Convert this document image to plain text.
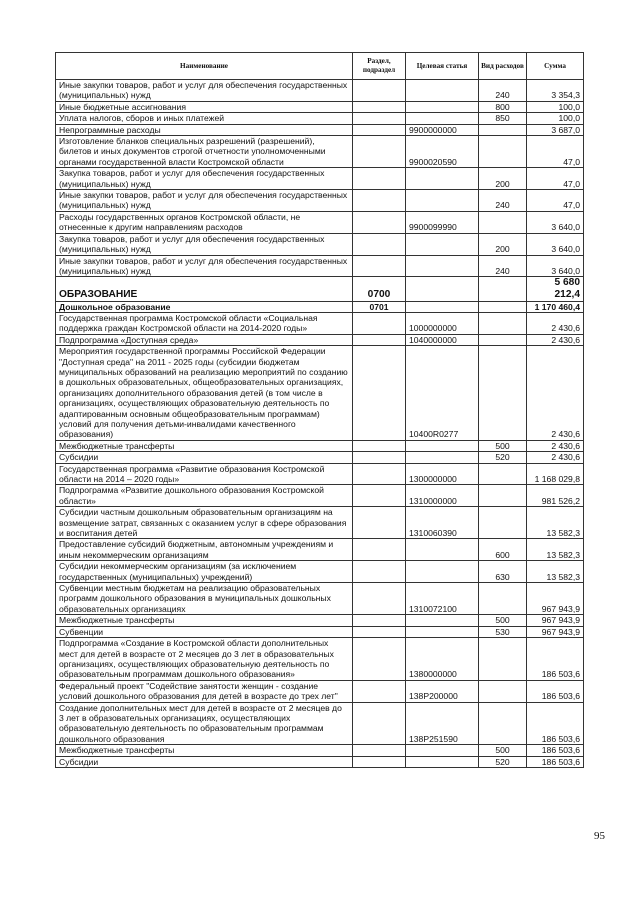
Наименование	Раздел, подраздел	Целевая статья	Вид расходов	Сумма
Иные закупки товаров, работ и услуг для обеспечения государственных (муниципальных) нужд			240	3 354,3
Иные бюджетные ассигнования			800	100,0
Уплата налогов, сборов и иных платежей			850	100,0
Непрограммные расходы		9900000000		3 687,0
Изготовление бланков специальных разрешений (разрешений), билетов и иных документов строгой отчетности уполномоченными органами государственной власти Костромской области		9900020590		47,0
Закупка товаров, работ и услуг для обеспечения государственных (муниципальных) нужд			200	47,0
Иные закупки товаров, работ и услуг для обеспечения государственных (муниципальных) нужд			240	47,0
Расходы государственных органов Костромской области, не отнесенные к другим направлениям расходов		9900099990		3 640,0
Закупка товаров, работ и услуг для обеспечения государственных (муниципальных) нужд			200	3 640,0
Иные закупки товаров, работ и услуг для обеспечения государственных (муниципальных) нужд			240	3 640,0
ОБРАЗОВАНИЕ	0700			5 680 212,4
Дошкольное образование	0701			1 170 460,4
Государственная программа Костромской области «Социальная поддержка граждан Костромской области на 2014-2020 годы»		1000000000		2 430,6
Подпрограмма «Доступная среда»		1040000000		2 430,6
Мероприятия государственной программы Российской Федерации "Доступная среда" на 2011 - 2025 годы (субсидии бюджетам муниципальных образований на реализацию мероприятий по созданию в дошкольных образовательных, общеобразовательных организациях, организациях дополнительного образования детей (в том числе в организациях, осуществляющих образовательную деятельность по адаптированным основным общеобразовательным программам) условий для получения детьми-инвалидами качественного образования)		10400R0277		2 430,6
Межбюджетные трансферты			500	2 430,6
Субсидии			520	2 430,6
Государственная программа «Развитие образования Костромской области на 2014 – 2020 годы»		1300000000		1 168 029,8
Подпрограмма «Развитие дошкольного образования Костромской области»		1310000000		981 526,2
Субсидии частным дошкольным образовательным организациям на возмещение затрат, связанных с оказанием услуг в сфере образования и воспитания детей		1310060390		13 582,3
Предоставление субсидий бюджетным, автономным учреждениям и иным некоммерческим организациям			600	13 582,3
Субсидии некоммерческим организациям (за исключением государственных (муниципальных) учреждений)			630	13 582,3
Субвенции местным бюджетам на реализацию образовательных программ дошкольного образования в муниципальных дошкольных образовательных организациях		1310072100		967 943,9
Межбюджетные трансферты			500	967 943,9
Субвенции			530	967 943,9
Подпрограмма «Создание в Костромской области дополнительных мест для детей в возрасте от 2 месяцев до 3 лет в образовательных организациях, осуществляющих образовательную деятельность по образовательным программам дошкольного образования»		1380000000		186 503,6
Федеральный проект "Содействие занятости женщин - создание условий дошкольного образования для детей в возрасте до трех лет"		138P200000		186 503,6
Создание дополнительных мест для детей в возрасте от 2 месяцев до 3 лет в образовательных организациях, осуществляющих образовательную деятельность по образовательным программам дошкольного образования		138P251590		186 503,6
Межбюджетные трансферты			500	186 503,6
Субсидии			520	186 503,6
95
